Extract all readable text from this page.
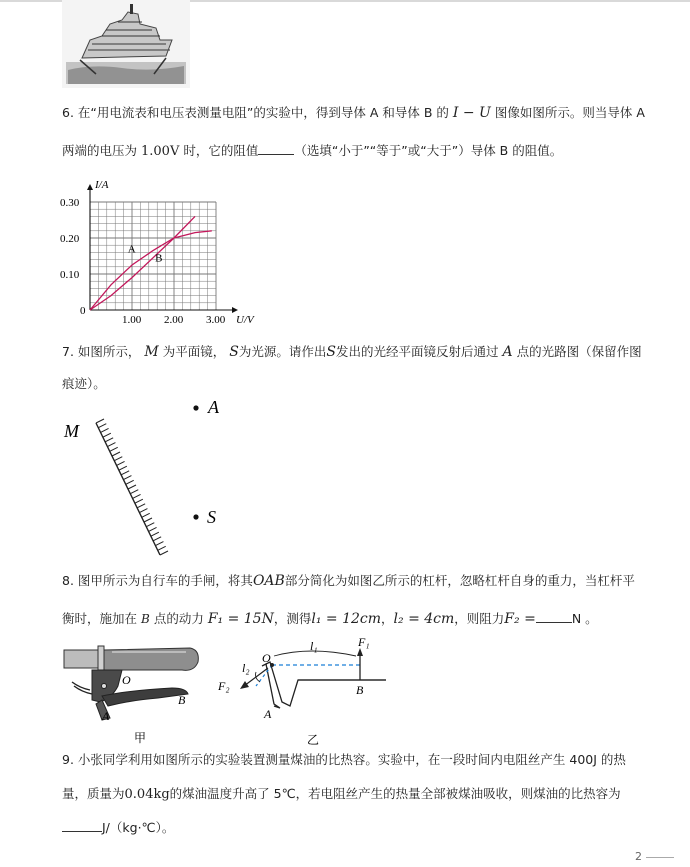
6. 在“用电流表和电压表测量电阻”的实验中，得到导体 A 和导体 B 的 I − U 图像如图所示。则当导体 A
两端的电压为 1.00V 时，它的阻值	（选填“小于”“等于”或“大于”）导体 B 的阻值。
1.00 2.00 3.00
0.10
0.20
0.30
0
U/V
I/A
A
B
7. 如图所示， M 为平面镜， S为光源。请作出S发出的光经平面镜反射后通过 A 点的光路图（保留作图
痕迹）。
A
S
M
8. 图甲所示为自行车的手闸，将其OAB部分简化为如图乙所示的杠杆，忽略杠杆自身的重力，当杠杆平
衡时，施加在 B 点的动力 F₁ = 15N，测得l₁ = 12cm，l₂ = 4cm，则阻力F₂ =	N 。
O
B
A
甲
O
l₁
l₂
F₁
F₂	B
A
乙
9. 小张同学利用如图所示的实验装置测量煤油的比热容。实验中，在一段时间内电阻丝产生 400J 的热
量，质量为0.04kg的煤油温度升高了 5℃，若电阻丝产生的热量全部被煤油吸收，则煤油的比热容为
J/（kg·℃）。
2
